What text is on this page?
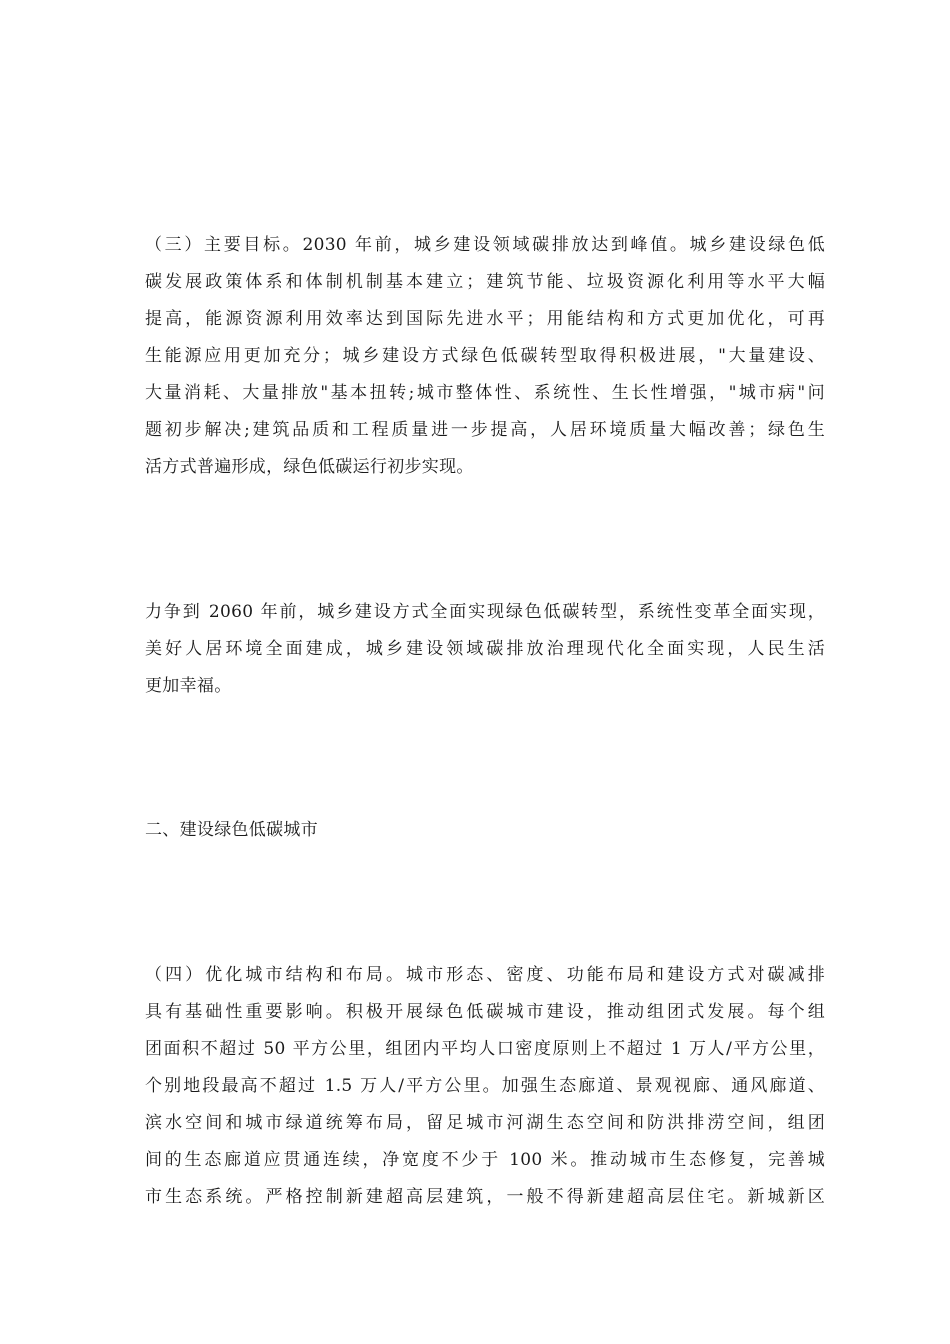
（三）主要目标。2030 年前，城乡建设领域碳排放达到峰值。城乡建设绿色低
碳发展政策体系和体制机制基本建立；建筑节能、垃圾资源化利用等水平大幅
提高，能源资源利用效率达到国际先进水平；用能结构和方式更加优化，可再
生能源应用更加充分；城乡建设方式绿色低碳转型取得积极进展，"大量建设、
大量消耗、大量排放"基本扭转;城市整体性、系统性、生长性增强，"城市病"问
题初步解决;建筑品质和工程质量进一步提高，人居环境质量大幅改善；绿色生
活方式普遍形成，绿色低碳运行初步实现。
力争到 2060 年前，城乡建设方式全面实现绿色低碳转型，系统性变革全面实现，
美好人居环境全面建成，城乡建设领域碳排放治理现代化全面实现，人民生活
更加幸福。
二、建设绿色低碳城市
（四）优化城市结构和布局。城市形态、密度、功能布局和建设方式对碳减排
具有基础性重要影响。积极开展绿色低碳城市建设，推动组团式发展。每个组
团面积不超过 50 平方公里，组团内平均人口密度原则上不超过 1 万人/平方公里，
个别地段最高不超过 1.5 万人/平方公里。加强生态廊道、景观视廊、通风廊道、
滨水空间和城市绿道统筹布局，留足城市河湖生态空间和防洪排涝空间，组团
间的生态廊道应贯通连续，净宽度不少于 100 米。推动城市生态修复，完善城
市生态系统。严格控制新建超高层建筑，一般不得新建超高层住宅。新城新区
